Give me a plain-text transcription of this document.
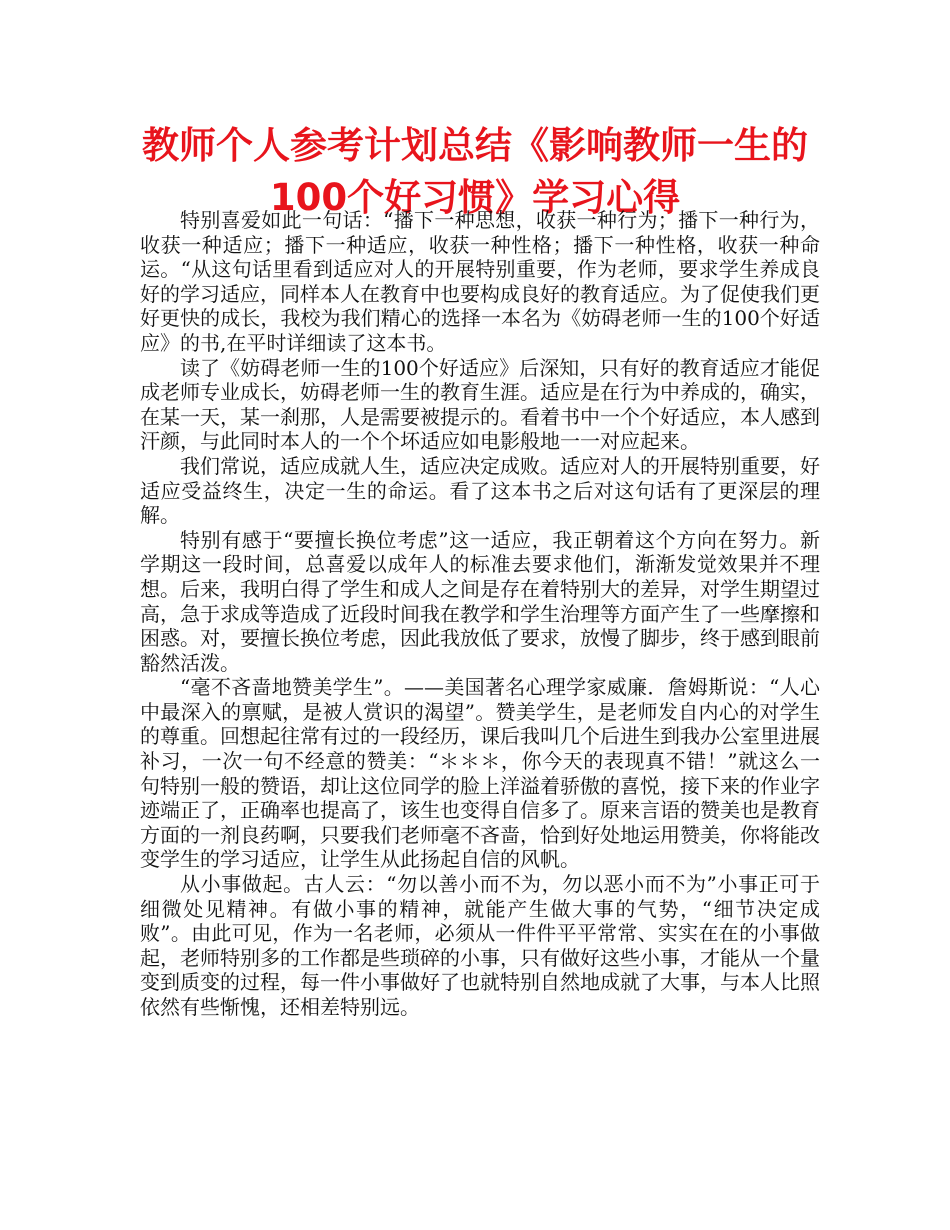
教师个人参考计划总结《影响教师一生的
100个好习惯》学习心得

特别喜爱如此一句话：“播下一种思想，收获一种行为；播下一种行为，收获一种适应；播下一种适应，收获一种性格；播下一种性格，收获一种命运。“从这句话里看到适应对人的开展特别重要，作为老师，要求学生养成良好的学习适应，同样本人在教育中也要构成良好的教育适应。为了促使我们更好更快的成长，我校为我们精心的选择一本名为《妨碍老师一生的100个好适应》的书,在平时详细读了这本书。

读了《妨碍老师一生的100个好适应》后深知，只有好的教育适应才能促成老师专业成长，妨碍老师一生的教育生涯。适应是在行为中养成的，确实，在某一天，某一刹那，人是需要被提示的。看着书中一个个好适应，本人感到汗颜，与此同时本人的一个个坏适应如电影般地一一对应起来。

我们常说，适应成就人生，适应决定成败。适应对人的开展特别重要，好适应受益终生，决定一生的命运。看了这本书之后对这句话有了更深层的理解。

特别有感于“要擅长换位考虑”这一适应，我正朝着这个方向在努力。新学期这一段时间，总喜爱以成年人的标准去要求他们，渐渐发觉效果并不理想。后来，我明白得了学生和成人之间是存在着特别大的差异，对学生期望过高，急于求成等造成了近段时间我在教学和学生治理等方面产生了一些摩擦和困惑。对，要擅长换位考虑，因此我放低了要求，放慢了脚步，终于感到眼前豁然活泼。

“毫不吝啬地赞美学生”。——美国著名心理学家威廉．詹姆斯说：“人心中最深入的禀赋，是被人赏识的渴望”。赞美学生，是老师发自内心的对学生的尊重。回想起往常有过的一段经历，课后我叫几个后进生到我办公室里进展补习，一次一句不经意的赞美：“＊＊＊，你今天的表现真不错！”就这么一句特别一般的赞语，却让这位同学的脸上洋溢着骄傲的喜悦，接下来的作业字迹端正了，正确率也提高了，该生也变得自信多了。原来言语的赞美也是教育方面的一剂良药啊，只要我们老师毫不吝啬，恰到好处地运用赞美，你将能改变学生的学习适应，让学生从此扬起自信的风帆。

从小事做起。古人云：“勿以善小而不为，勿以恶小而不为”小事正可于细微处见精神。有做小事的精神，就能产生做大事的气势，“细节决定成败”。由此可见，作为一名老师，必须从一件件平平常常、实实在在的小事做起，老师特别多的工作都是些琐碎的小事，只有做好这些小事，才能从一个量变到质变的过程，每一件小事做好了也就特别自然地成就了大事，与本人比照依然有些惭愧，还相差特别远。
